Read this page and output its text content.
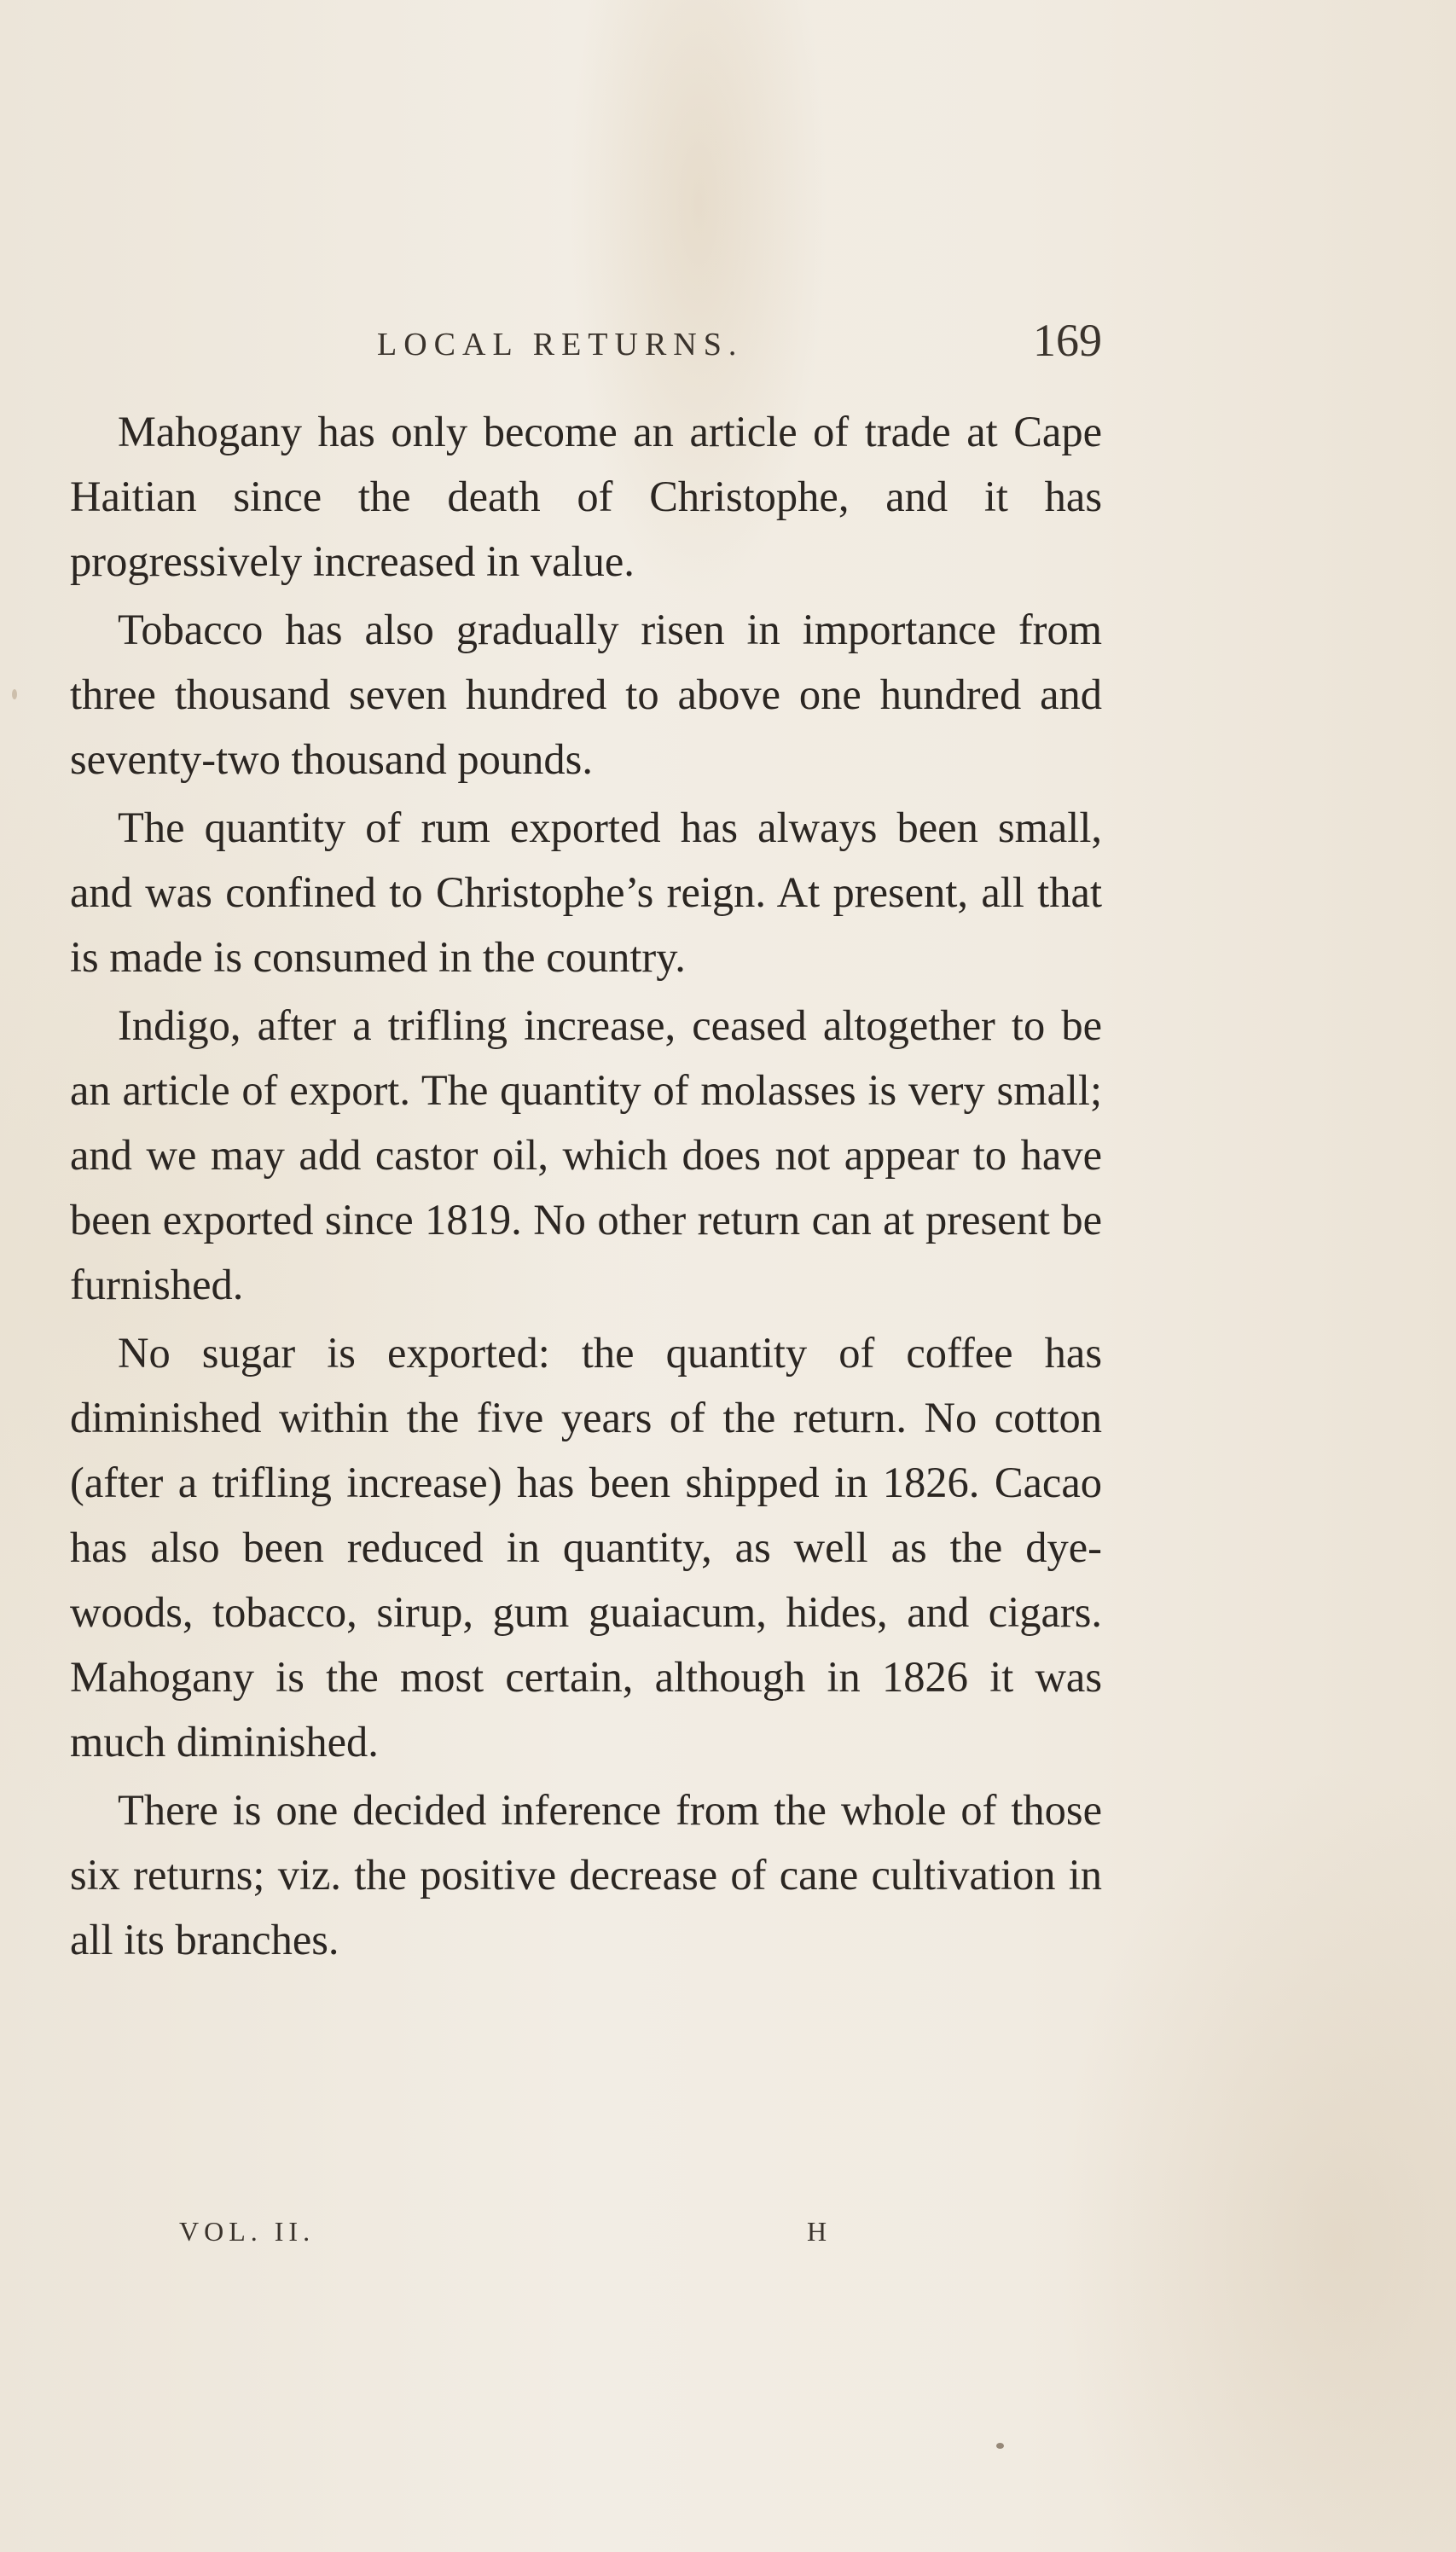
LOCAL RETURNS.	169

Mahogany has only become an article of trade at Cape Haitian since the death of Christophe, and it has progressively increased in value.

Tobacco has also gradually risen in importance from three thousand seven hundred to above one hundred and seventy-two thousand pounds.

The quantity of rum exported has always been small, and was confined to Christophe’s reign. At present, all that is made is consumed in the country.

Indigo, after a trifling increase, ceased altogether to be an article of export. The quantity of molasses is very small; and we may add castor oil, which does not appear to have been exported since 1819. No other return can at present be furnished.

No sugar is exported: the quantity of coffee has diminished within the five years of the return. No cotton (after a trifling increase) has been shipped in 1826. Cacao has also been reduced in quantity, as well as the dye-woods, tobacco, sirup, gum guaiacum, hides, and cigars. Mahogany is the most certain, although in 1826 it was much diminished.

There is one decided inference from the whole of those six returns; viz. the positive decrease of cane cultivation in all its branches.

VOL. II.	H
